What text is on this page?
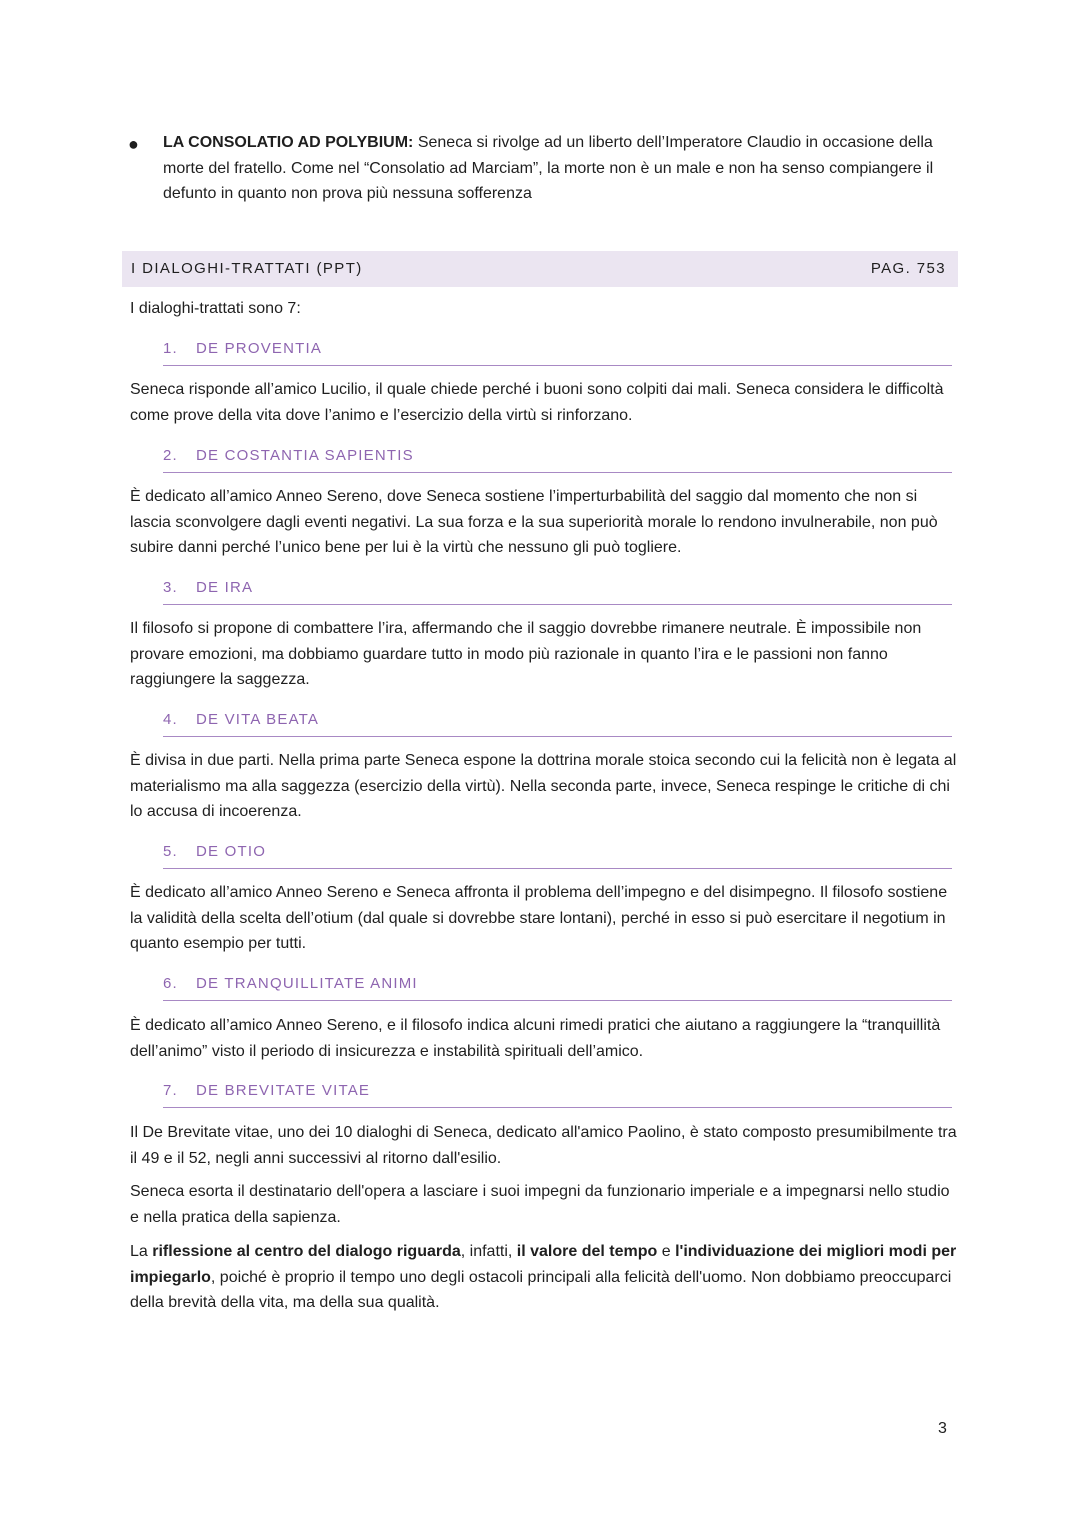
● LA CONSOLATIO AD POLYBIUM: Seneca si rivolge ad un liberto dell’Imperatore Claudio in occasione della morte del fratello. Come nel “Consolatio ad Marciam”, la morte non è un male e non ha senso compiangere il defunto in quanto non prova più nessuna sofferenza
I DIALOGHI-TRATTATI (PPT)	PAG. 753
I dialoghi-trattati sono 7:
1. DE PROVENTIA

Seneca risponde all’amico Lucilio, il quale chiede perché i buoni sono colpiti dai mali. Seneca considera le difficoltà come prove della vita dove l’animo e l’esercizio della virtù si rinforzano.

2. DE COSTANTIA SAPIENTIS

È dedicato all’amico Anneo Sereno, dove Seneca sostiene l’imperturbabilità del saggio dal momento che non si lascia sconvolgere dagli eventi negativi. La sua forza e la sua superiorità morale lo rendono invulnerabile, non può subire danni perché l’unico bene per lui è la virtù che nessuno gli può togliere.

3. DE IRA

Il filosofo si propone di combattere l’ira, affermando che il saggio dovrebbe rimanere neutrale. È impossibile non provare emozioni, ma dobbiamo guardare tutto in modo più razionale in quanto l’ira e le passioni non fanno raggiungere la saggezza.

4. DE VITA BEATA

È divisa in due parti. Nella prima parte Seneca espone la dottrina morale stoica secondo cui la felicità non è legata al materialismo ma alla saggezza (esercizio della virtù). Nella seconda parte, invece, Seneca respinge le critiche di chi lo accusa di incoerenza.

5. DE OTIO

È dedicato all’amico Anneo Sereno e Seneca affronta il problema dell’impegno e del disimpegno. Il filosofo sostiene la validità della scelta dell’otium (dal quale si dovrebbe stare lontani), perché in esso si può esercitare il negotium in quanto esempio per tutti.

6. DE TRANQUILLITATE ANIMI

È dedicato all’amico Anneo Sereno, e il filosofo indica alcuni rimedi pratici che aiutano a raggiungere la “tranquillità dell’animo” visto il periodo di insicurezza e instabilità spirituali dell’amico.

7. DE BREVITATE VITAE

Il De Brevitate vitae, uno dei 10 dialoghi di Seneca, dedicato all'amico Paolino, è stato composto presumibilmente tra il 49 e il 52, negli anni successivi al ritorno dall'esilio.

Seneca esorta il destinatario dell'opera a lasciare i suoi impegni da funzionario imperiale e a impegnarsi nello studio e nella pratica della sapienza.

La riflessione al centro del dialogo riguarda, infatti, il valore del tempo e l'individuazione dei migliori modi per impiegarlo, poiché è proprio il tempo uno degli ostacoli principali alla felicità dell'uomo. Non dobbiamo preoccuparci della brevità della vita, ma della sua qualità.

3
